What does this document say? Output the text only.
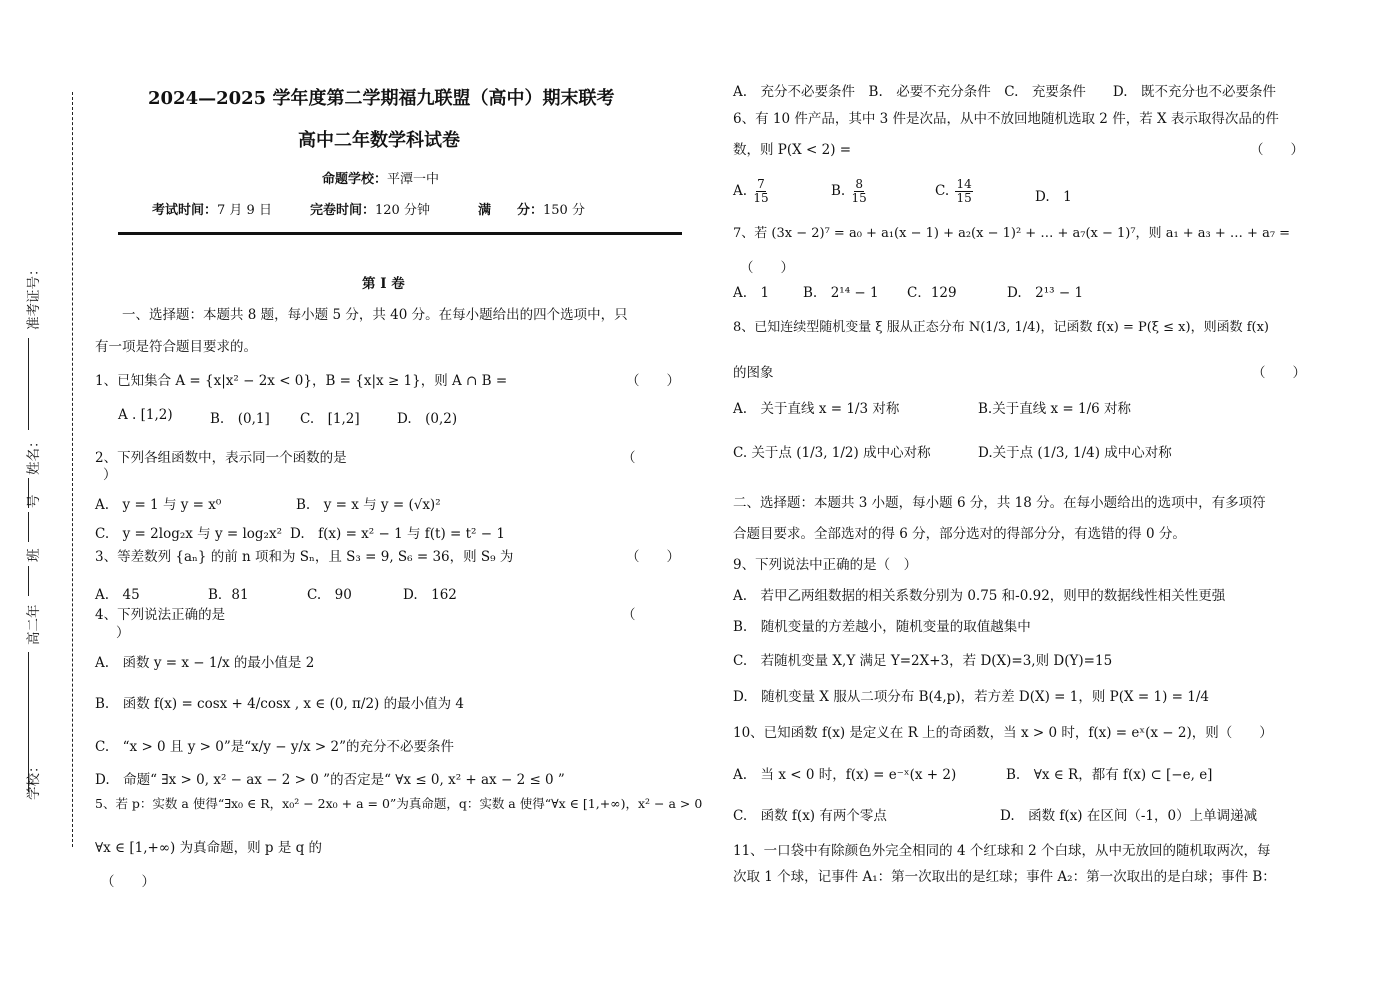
准考证号：
姓名：
号
班
高二年
学校：
2024—2025 学年度第二学期福九联盟（高中）期末联考
高中二年数学科试卷
命题学校：平潭一中
考试时间：7 月 9 日	完卷时间：120 分钟	满　　分：150 分
第 I 卷
一、选择题：本题共 8 题，每小题 5 分，共 40 分。在每小题给出的四个选项中，只
有一项是符合题目要求的。
1、已知集合 A = {x|x² − 2x < 0}，B = {x|x ≥ 1}，则 A ∩ B =	（　　）
A . [1,2)	B.　(0,1] C.　[1,2]	D.　(0,2)
2、下列各组函数中，表示同一个函数的是	（
）
A.　y = 1 与 y = x⁰	B.　y = x 与 y = (√x)²
C.　y = 2log₂x 与 y = log₂x² D.　f(x) = x² − 1 与 f(t) = t² − 1
3、等差数列 {aₙ} 的前 n 项和为 Sₙ，且 S₃ = 9, S₆ = 36，则 S₉ 为	（　　）
A.　45	B．81	C.　90	D.　162
4、下列说法正确的是	（
）
A.　函数 y = x − 1/x 的最小值是 2
B.　函数 f(x) = cosx + 4/cosx , x ∈ (0, π/2) 的最小值为 4
C.　“x > 0 且 y > 0”是“x/y − y/x > 2”的充分不必要条件
D.　命题“ ∃x > 0, x² − ax − 2 > 0 ”的否定是“ ∀x ≤ 0, x² + ax − 2 ≤ 0 ”
5、若 p：实数 a 使得“∃x₀ ∈ R，x₀² − 2x₀ + a = 0”为真命题，q：实数 a 使得“∀x ∈ [1,+∞)，x² − a > 0
∀x ∈ [1,+∞) 为真命题，则 p 是 q 的
（　　）
A.　充分不必要条件　B.　必要不充分条件　C.　充要条件　　D.　既不充分也不必要条件
6、有 10 件产品，其中 3 件是次品，从中不放回地随机选取 2 件，若 X 表示取得次品的件
数，则 P(X < 2) =	（　　）
A. $\frac{7}{15}$	B. $\frac{8}{15}$	C. $\frac{14}{15}$	D.　1
7、若 (3x − 2)⁷ = a₀ + a₁(x − 1) + a₂(x − 1)² + … + a₇(x − 1)⁷，则 a₁ + a₃ + … + a₇ =
（　　）
A.　1	B.　2¹⁴ − 1 C．129	D.　2¹³ − 1
8、已知连续型随机变量 ξ 服从正态分布 N(1/3, 1/4)，记函数 f(x) = P(ξ ≤ x)，则函数 f(x)
的图象	（　　）
A.　关于直线 x = 1/3 对称	B.关于直线 x = 1/6 对称
C. 关于点 (1/3, 1/2) 成中心对称	D.关于点 (1/3, 1/4) 成中心对称
二、选择题：本题共 3 小题，每小题 6 分，共 18 分。在每小题给出的选项中，有多项符
合题目要求。全部选对的得 6 分，部分选对的得部分分，有选错的得 0 分。
9、下列说法中正确的是（　）
A.　若甲乙两组数据的相关系数分别为 0.75 和-0.92，则甲的数据线性相关性更强
B.　随机变量的方差越小，随机变量的取值越集中
C.　若随机变量 X,Y 满足 Y=2X+3，若 D(X)=3,则 D(Y)=15
D.　随机变量 X 服从二项分布 B(4,p)，若方差 D(X) = 1，则 P(X = 1) = 1/4
10、已知函数 f(x) 是定义在 R 上的奇函数，当 x > 0 时，f(x) = eˣ(x − 2)，则（　　）
A.　当 x < 0 时，f(x) = e⁻ˣ(x + 2)	B.　∀x ∈ R，都有 f(x) ⊂ [−e, e]
C.　函数 f(x) 有两个零点	D.　函数 f(x) 在区间（-1，0）上单调递减
11、一口袋中有除颜色外完全相同的 4 个红球和 2 个白球，从中无放回的随机取两次，每
次取 1 个球，记事件 A₁：第一次取出的是红球；事件 A₂：第一次取出的是白球；事件 B：
